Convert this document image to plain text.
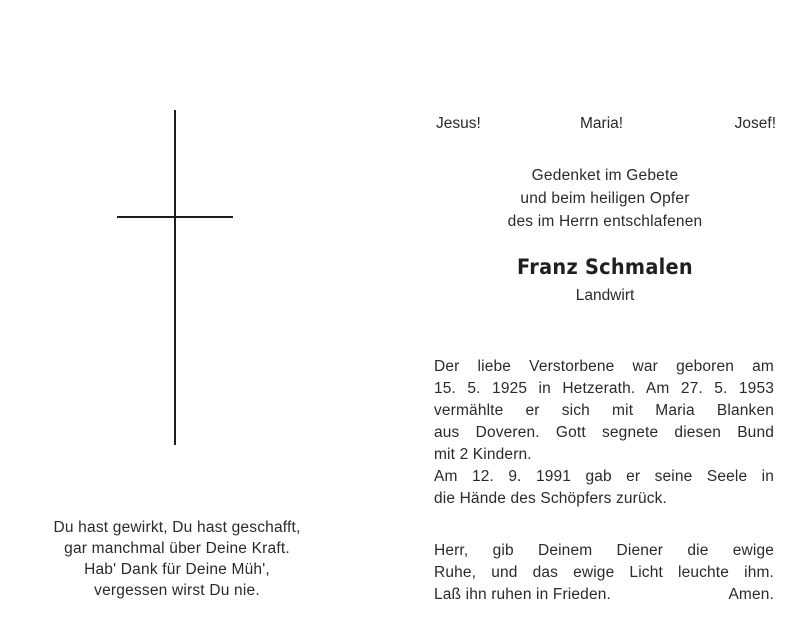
Du hast gewirkt, Du hast geschafft,
gar manchmal über Deine Kraft.
Hab' Dank für Deine Müh',
vergessen wirst Du nie.
Jesus!	Maria!	Josef!
Gedenket im Gebete
und beim heiligen Opfer
des im Herrn entschlafenen
Franz Schmalen
Landwirt
Der liebe Verstorbene war geboren am
15. 5. 1925 in Hetzerath. Am 27. 5. 1953
vermählte er sich mit Maria Blanken
aus Doveren. Gott segnete diesen Bund
mit 2 Kindern.
Am 12. 9. 1991 gab er seine Seele in
die Hände des Schöpfers zurück.
Herr, gib Deinem Diener die ewige
Ruhe, und das ewige Licht leuchte ihm.
Laß ihn ruhen in Frieden.	Amen.
